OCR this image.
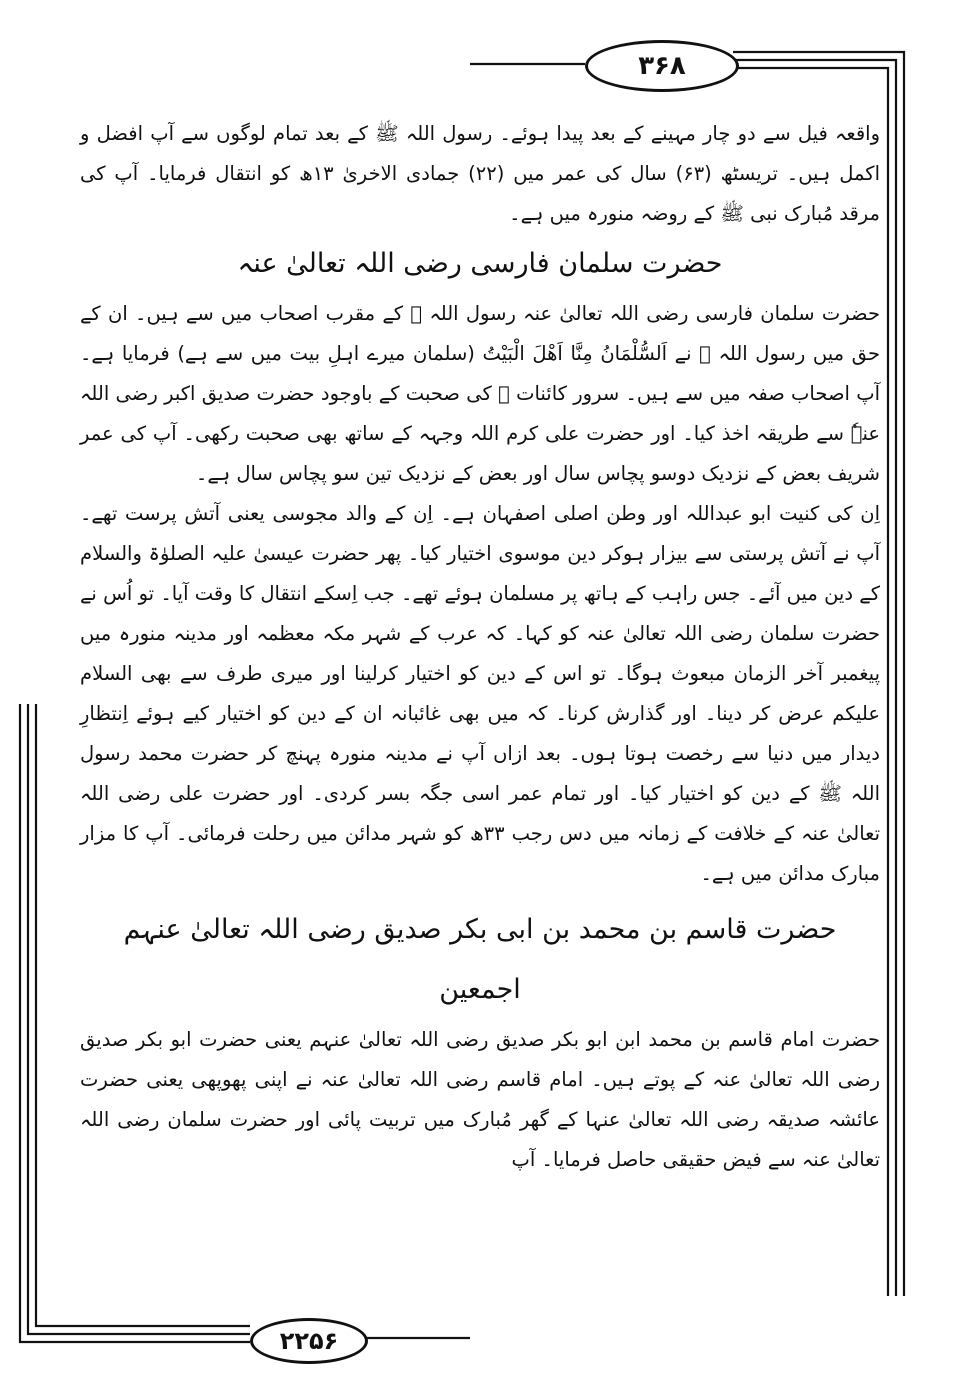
۳۶۸

واقعہ فیل سے دو چار مہینے کے بعد پیدا ہوئے۔ رسول اللہ ﷺ کے بعد تمام لوگوں سے آپ افضل و اکمل ہیں۔ تریسٹھ (۶۳) سال کی عمر میں (۲۲) جمادی الاخریٰ ۱۳ھ کو انتقال فرمایا۔ آپ کی مرقد مُبارک نبی ﷺ کے روضہ منورہ میں ہے۔

حضرت سلمان فارسی رضی اللہ تعالیٰ عنہ

حضرت سلمان فارسی رضی اللہ تعالیٰ عنہ رسول اللہ ﷺ کے مقرب اصحاب میں سے ہیں۔ ان کے حق میں رسول اللہ ﷺ نے اَلسُّلْمَانُ مِنَّا اَھْلَ الْبَیْتُ (سلمان میرے اہلِ بیت میں سے ہے) فرمایا ہے۔ آپ اصحاب صفہ میں سے ہیں۔ سرور کائنات ﷺ کی صحبت کے باوجود حضرت صدیق اکبر رضی اللہ عنہٗ سے طریقہ اخذ کیا۔ اور حضرت علی کرم اللہ وجہہ کے ساتھ بھی صحبت رکھی۔ آپ کی عمر شریف بعض کے نزدیک دوسو پچاس سال اور بعض کے نزدیک تین سو پچاس سال ہے۔

اِن کی کنیت ابو عبداللہ اور وطن اصلی اصفہان ہے۔ اِن کے والد مجوسی یعنی آتش پرست تھے۔ آپ نے آتش پرستی سے بیزار ہوکر دین موسوی اختیار کیا۔ پھر حضرت عیسیٰ علیہ الصلوٰۃ والسلام کے دین میں آئے۔ جس راہب کے ہاتھ پر مسلمان ہوئے تھے۔ جب اِسکے انتقال کا وقت آیا۔ تو اُس نے حضرت سلمان رضی اللہ تعالیٰ عنہ کو کہا۔ کہ عرب کے شہر مکہ معظمہ اور مدینہ منورہ میں پیغمبر آخر الزمان مبعوث ہوگا۔ تو اس کے دین کو اختیار کرلینا اور میری طرف سے بھی السلام علیکم عرض کر دینا۔ اور گذارش کرنا۔ کہ میں بھی غائبانہ ان کے دین کو اختیار کیے ہوئے اِنتظارِ دیدار میں دنیا سے رخصت ہوتا ہوں۔ بعد ازاں آپ نے مدینہ منورہ پہنچ کر حضرت محمد رسول اللہ ﷺ کے دین کو اختیار کیا۔ اور تمام عمر اسی جگہ بسر کردی۔ اور حضرت علی رضی اللہ تعالیٰ عنہ کے خلافت کے زمانہ میں دس رجب ۳۳ھ کو شہر مدائن میں رحلت فرمائی۔ آپ کا مزار مبارک مدائن میں ہے۔

حضرت قاسم بن محمد بن ابی بکر صدیق رضی اللہ تعالیٰ عنہم اجمعین

حضرت امام قاسم بن محمد ابن ابو بکر صدیق رضی اللہ تعالیٰ عنہم یعنی حضرت ابو بکر صدیق رضی اللہ تعالیٰ عنہ کے پوتے ہیں۔ امام قاسم رضی اللہ تعالیٰ عنہ نے اپنی پھوپھی یعنی حضرت عائشہ صدیقہ رضی اللہ تعالیٰ عنہا کے گھر مُبارک میں تربیت پائی اور حضرت سلمان رضی اللہ تعالیٰ عنہ سے فیض حقیقی حاصل فرمایا۔ آپ

۲۲۵۶
